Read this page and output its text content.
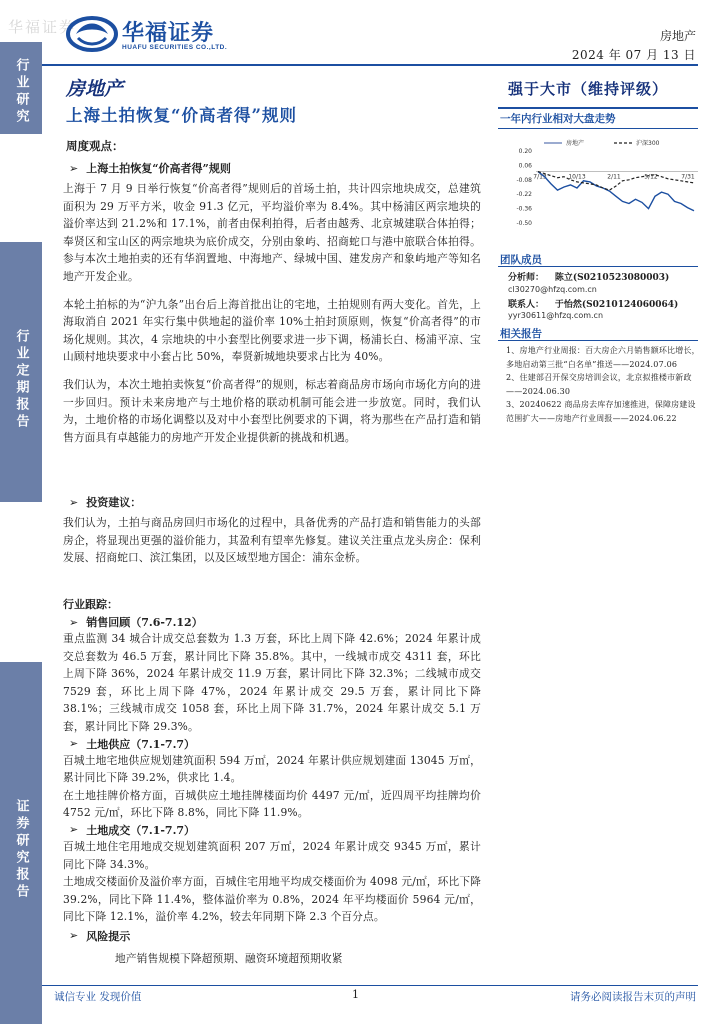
华福证券
行业研究
行业定期报告
证券研究报告
华福证券
HUAFU SECURITIES CO.,LTD.
房地产
2024 年 07 月 13 日
房地产
上海土拍恢复“价高者得”规则
周度观点：
➢ 上海土拍恢复“价高者得”规则

上海于 7 月 9 日举行恢复“价高者得”规则后的首场土拍，共计四宗地块成交，总建筑面积为 29 万平方米，收金 91.3 亿元，平均溢价率为 8.4%。其中杨浦区两宗地块的溢价率达到 21.2%和 17.1%，前者由保利拍得，后者由越秀、北京城建联合体拍得；奉贤区和宝山区的两宗地块为底价成交，分别由象屿、招商蛇口与港中旅联合体拍得。参与本次土地拍卖的还有华润置地、中海地产、绿城中国、建发房产和象屿地产等知名地产开发企业。

本轮土拍标的为“沪九条”出台后上海首批出让的宅地，土拍规则有两大变化。首先，上海取消自 2021 年实行集中供地起的溢价率 10%土拍封顶原则，恢复“价高者得”的市场化规则。其次，4 宗地块的中小套型比例要求进一步下调，杨浦长白、杨浦平凉、宝山顾村地块要求中小套占比 50%，奉贤新城地块要求占比为 40%。

我们认为，本次土地拍卖恢复“价高者得”的规则，标志着商品房市场向市场化方向的进一步回归。预计未来房地产与土地价格的联动机制可能会进一步放宽。同时，我们认为，土地价格的市场化调整以及对中小套型比例要求的下调，将为那些在产品打造和销售方面具有卓越能力的房地产开发企业提供新的挑战和机遇。

➢ 投资建议：

我们认为，土拍与商品房回归市场化的过程中，具备优秀的产品打造和销售能力的头部房企，将显现出更强的溢价能力，其盈利有望率先修复。建议关注重点龙头房企：保利发展、招商蛇口、滨江集团，以及区域型地方国企：浦东金桥。

行业跟踪：
➢ 销售回顾（7.6-7.12）

重点监测 34 城合计成交总套数为 1.3 万套，环比上周下降 42.6%；2024 年累计成交总套数为 46.5 万套，累计同比下降 35.8%。其中，一线城市成交 4311 套，环比上周下降 36%，2024 年累计成交 11.9 万套，累计同比下降 32.3%；二线城市成交 7529 套，环比上周下降 47%，2024 年累计成交 29.5 万套，累计同比下降 38.1%；三线城市成交 1058 套，环比上周下降 31.7%，2024 年累计成交 5.1 万套，累计同比下降 29.3%。

➢ 土地供应（7.1-7.7）

百城土地宅地供应规划建筑面积 594 万㎡，2024 年累计供应规划建面 13045 万㎡，累计同比下降 39.2%，供求比 1.4。

在土地挂牌价格方面，百城供应土地挂牌楼面均价 4497 元/㎡，近四周平均挂牌均价 4752 元/㎡，环比下降 8.8%，同比下降 11.9%。

➢ 土地成交（7.1-7.7）

百城土地住宅用地成交规划建筑面积 207 万㎡，2024 年累计成交 9345 万㎡，累计同比下降 34.3%。

土地成交楼面价及溢价率方面，百城住宅用地平均成交楼面价为 4098 元/㎡，环比下降 39.2%，同比下降 11.4%，整体溢价率为 0.8%，2024 年平均楼面价 5964 元/㎡，同比下降 12.1%，溢价率 4.2%，较去年同期下降 2.3 个百分点。

➢ 风险提示

地产销售规模下降超预期、融资环境超预期收紧

强于大市（维持评级）
一年内行业相对大盘走势
0.20
0.06
-0.08
-0.22
-0.36
-0.50
7/13	10/13	2/11	5/12	7/31
房地产	沪深300
团队成员
分析师： 陈立(S0210523080003)
cl30270@hfzq.com.cn
联系人： 于怡然(S0210124060064)
yyr30611@hfzq.com.cn
相关报告
1、房地产行业周报：百大房企六月销售额环比增长，多地启动第三批“白名单”推送——2024.07.06
2、住建部召开保交房培训会议，北京拟推楼市新政——2024.06.30
3、20240622 商品房去库存加速推进，保障房建设范围扩大——房地产行业周报——2024.06.22
诚信专业 发现价值	1	请务必阅读报告末页的声明
